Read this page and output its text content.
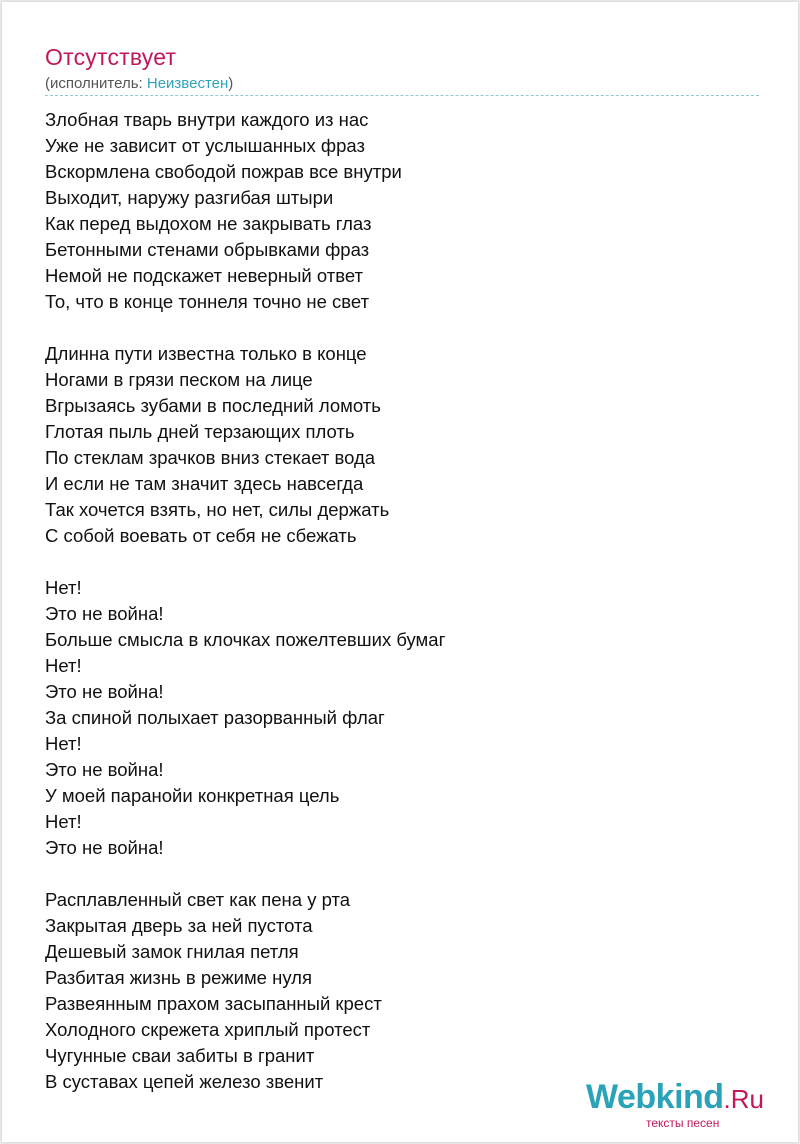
Отсутствует
(исполнитель: Неизвестен)
Злобная тварь внутри каждого из нас
Уже не зависит от услышанных фраз
Вскормлена свободой пожрав все внутри
Выходит, наружу разгибая штыри
Как перед выдохом не закрывать глаз
Бетонными стенами обрывками фраз
Немой не подскажет неверный ответ
То, что в конце тоннеля точно не свет
Длинна пути известна только в конце
Ногами в грязи песком на лице
Вгрызаясь зубами в последний ломоть
Глотая пыль дней терзающих плоть
По стеклам зрачков вниз стекает вода
И если не там значит здесь навсегда
Так хочется взять, но нет, силы держать
С собой воевать от себя не сбежать
Нет!
Это не война!
Больше смысла в клочках пожелтевших бумаг
Нет!
Это не война!
За спиной полыхает разорванный флаг
Нет!
Это не война!
У моей паранойи конкретная цель
Нет!
Это не война!
Расплавленный свет как пена у рта
Закрытая дверь за ней пустота
Дешевый замок гнилая петля
Разбитая жизнь в режиме нуля
Развеянным прахом засыпанный крест
Холодного скрежета хриплый протест
Чугунные сваи забиты в гранит
В суставах цепей железо звенит	Webkind.Ru
тексты песен
